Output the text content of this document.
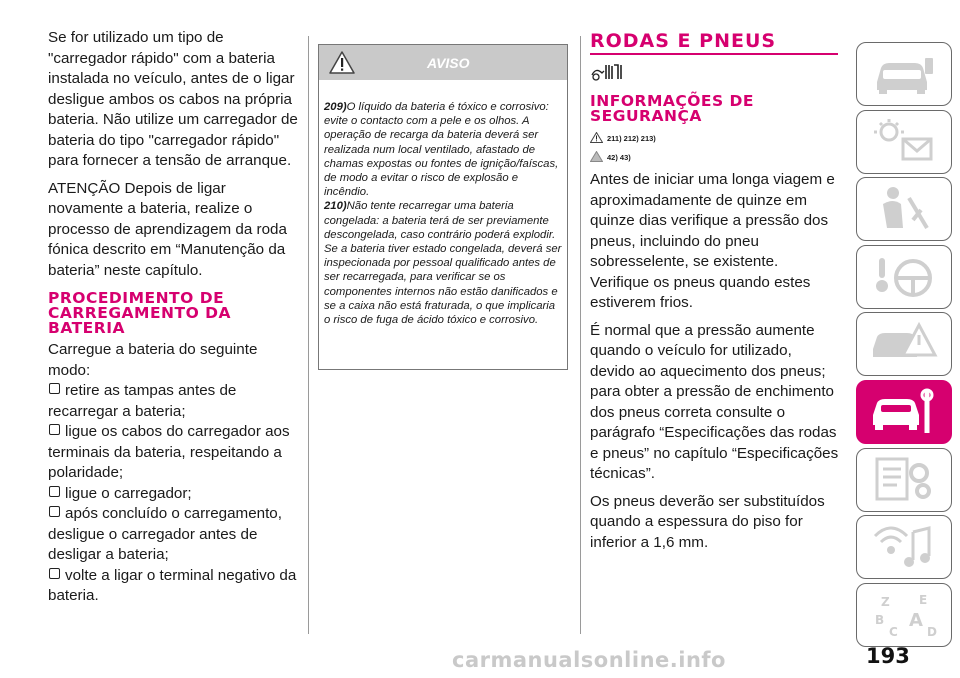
Se for utilizado um tipo de "carregador rápido" com a bateria instalada no veículo, antes de o ligar desligue ambos os cabos na própria bateria. Não utilize um carregador de bateria do tipo "carregador rápido" para fornecer a tensão de arranque.

ATENÇÃO Depois de ligar novamente a bateria, realize o processo de aprendizagem da roda fónica descrito em “Manutenção da bateria” neste capítulo.

PROCEDIMENTO DE CARREGAMENTO DA BATERIA
Carregue a bateria do seguinte modo:
retire as tampas antes de recarregar a bateria;
ligue os cabos do carregador aos terminais da bateria, respeitando a polaridade;
ligue o carregador;
após concluído o carregamento, desligue o carregador antes de desligar a bateria;
volte a ligar o terminal negativo da bateria.
AVISO

209)O líquido da bateria é tóxico e corrosivo: evite o contacto com a pele e os olhos. A operação de recarga da bateria deverá ser realizada num local ventilado, afastado de chamas expostas ou fontes de ignição/faíscas, de modo a evitar o risco de explosão e incêndio.

210)Não tente recarregar uma bateria congelada: a bateria terá de ser previamente descongelada, caso contrário poderá explodir. Se a bateria tiver estado congelada, deverá ser inspecionada por pessoal qualificado antes de ser recarregada, para verificar se os componentes internos não estão danificados e se a caixa não está fraturada, o que implicaria o risco de fuga de ácido tóxico e corrosivo.

RODAS E PNEUS
INFORMAÇÕES DE SEGURANÇA
211) 212) 213)
42) 43)

Antes de iniciar uma longa viagem e aproximadamente de quinze em quinze dias verifique a pressão dos pneus, incluindo do pneu sobresselente, se existente. Verifique os pneus quando estes estiverem frios.

É normal que a pressão aumente quando o veículo for utilizado, devido ao aquecimento dos pneus; para obter a pressão de enchimento dos pneus correta consulte o parágrafo “Especificações das rodas e pneus” no capítulo “Especificações técnicas”.

Os pneus deverão ser substituídos quando a espessura do piso for inferior a 1,6 mm.

Z E
B A
C D
193
carmanualsonline.info
